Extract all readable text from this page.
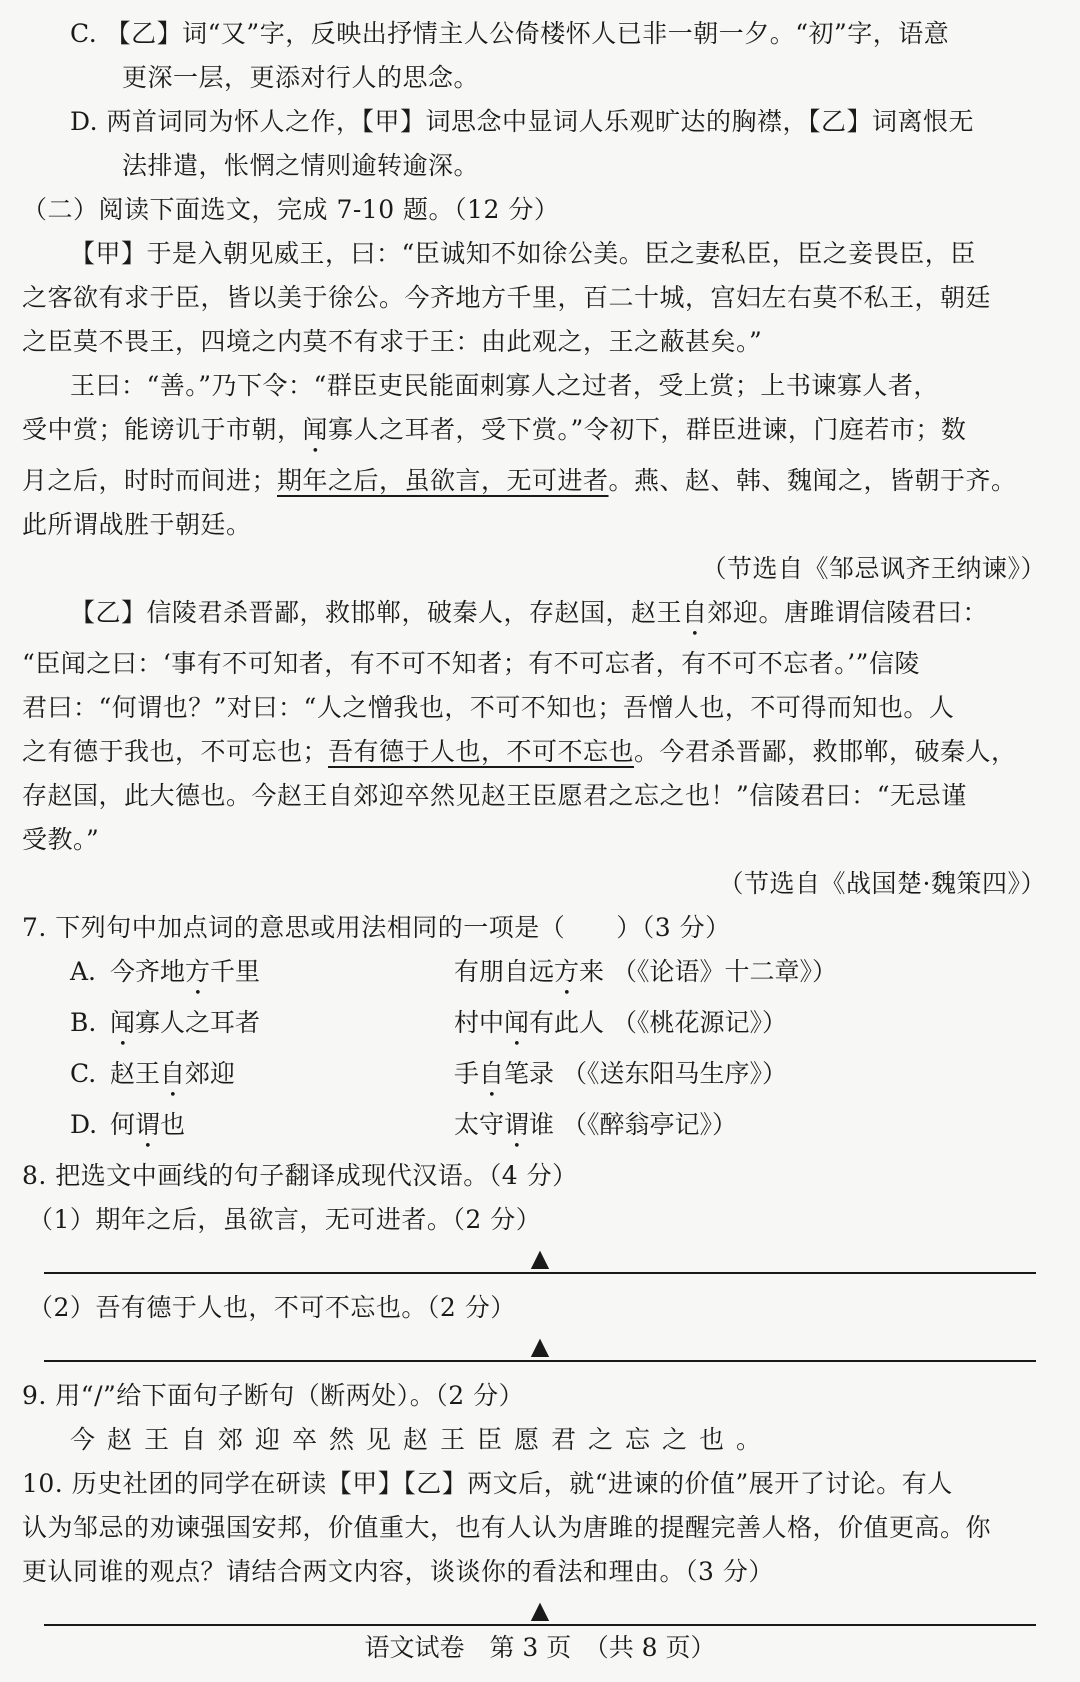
C. 【乙】词“又”字，反映出抒情主人公倚楼怀人已非一朝一夕。“初”字，语意
更深一层，更添对行人的思念。
D. 两首词同为怀人之作，【甲】词思念中显词人乐观旷达的胸襟，【乙】词离恨无
法排遣，怅惘之情则逾转逾深。
（二）阅读下面选文，完成 7-10 题。（12 分）
【甲】于是入朝见威王，曰：“臣诚知不如徐公美。臣之妻私臣，臣之妾畏臣，臣
之客欲有求于臣，皆以美于徐公。今齐地方千里，百二十城，宫妇左右莫不私王，朝廷
之臣莫不畏王，四境之内莫不有求于王：由此观之，王之蔽甚矣。”
王曰：“善。”乃下令：“群臣吏民能面刺寡人之过者，受上赏；上书谏寡人者，
受中赏；能谤讥于市朝，闻寡人之耳者，受下赏。”令初下，群臣进谏，门庭若市；数
月之后，时时而间进；期年之后，虽欲言，无可进者。燕、赵、韩、魏闻之，皆朝于齐。
此所谓战胜于朝廷。
（节选自《邹忌讽齐王纳谏》）
【乙】信陵君杀晋鄙，救邯郸，破秦人，存赵国，赵王自郊迎。唐雎谓信陵君曰：
“臣闻之曰：‘事有不可知者，有不可不知者；有不可忘者，有不可不忘者。’”信陵
君曰：“何谓也？”对曰：“人之憎我也，不可不知也；吾憎人也，不可得而知也。人
之有德于我也，不可忘也；吾有德于人也，不可不忘也。今君杀晋鄙，救邯郸，破秦人，
存赵国，此大德也。今赵王自郊迎卒然见赵王臣愿君之忘之也！”信陵君曰：“无忌谨
受教。”
（节选自《战国楚·魏策四》）
7. 下列句中加点词的意思或用法相同的一项是（　　）（3 分）
A. 今齐地方千里	有朋自远方来 （《论语》十二章》）
B. 闻寡人之耳者	村中闻有此人 （《桃花源记》）
C. 赵王自郊迎	手自笔录 （《送东阳马生序》）
D. 何谓也	太守谓谁 （《醉翁亭记》）
8. 把选文中画线的句子翻译成现代汉语。（4 分）
（1）期年之后，虽欲言，无可进者。（2 分）
▲
（2）吾有德于人也，不可不忘也。（2 分）
▲
9. 用“/”给下面句子断句（断两处）。（2 分）
今赵王自郊迎卒然见赵王臣愿君之忘之也。
10. 历史社团的同学在研读【甲】【乙】两文后，就“进谏的价值”展开了讨论。有人
认为邹忌的劝谏强国安邦，价值重大，也有人认为唐雎的提醒完善人格，价值更高。你
更认同谁的观点？请结合两文内容，谈谈你的看法和理由。（3 分）
▲
语文试卷　第 3 页　（共 8 页）
